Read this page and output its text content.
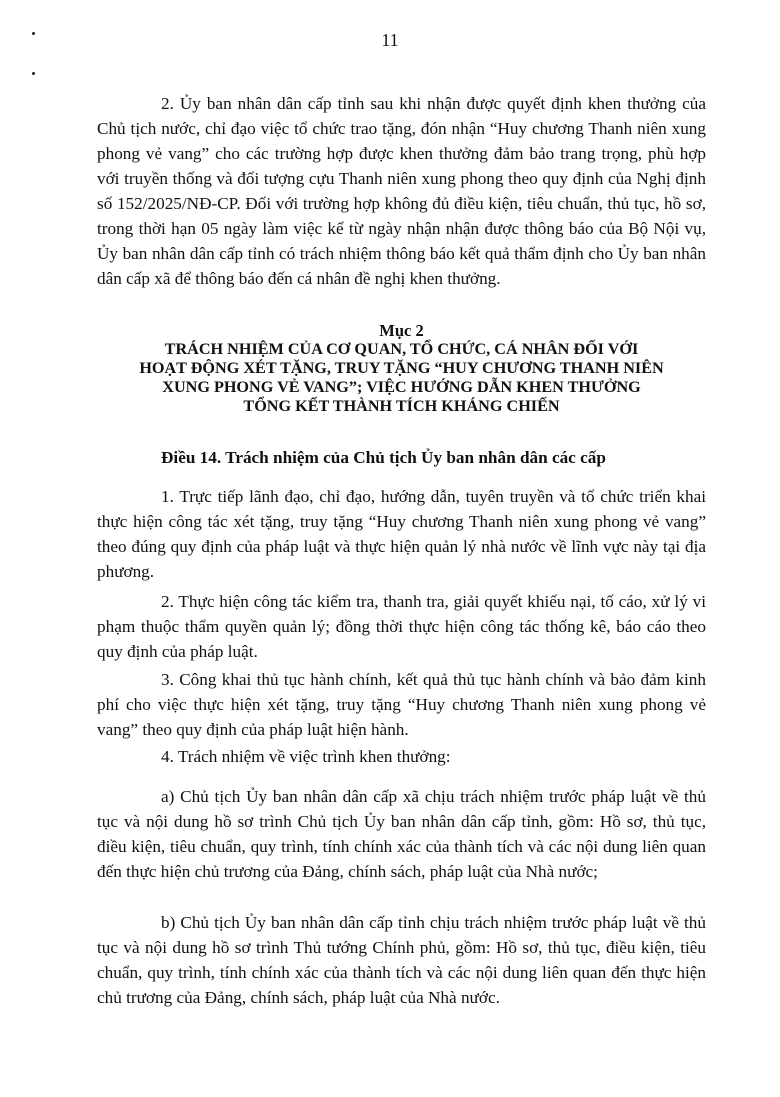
11

2. Ủy ban nhân dân cấp tỉnh sau khi nhận được quyết định khen thưởng của Chủ tịch nước, chỉ đạo việc tổ chức trao tặng, đón nhận “Huy chương Thanh niên xung phong vẻ vang” cho các trường hợp được khen thưởng đảm bảo trang trọng, phù hợp với truyền thống và đối tượng cựu Thanh niên xung phong theo quy định của Nghị định số 152/2025/NĐ-CP. Đối với trường hợp không đủ điều kiện, tiêu chuẩn, thủ tục, hồ sơ, trong thời hạn 05 ngày làm việc kể từ ngày nhận nhận được thông báo của Bộ Nội vụ, Ủy ban nhân dân cấp tỉnh có trách nhiệm thông báo kết quả thẩm định cho Ủy ban nhân dân cấp xã để thông báo đến cá nhân đề nghị khen thưởng.

Mục 2
TRÁCH NHIỆM CỦA CƠ QUAN, TỔ CHỨC, CÁ NHÂN ĐỐI VỚI
HOẠT ĐỘNG XÉT TẶNG, TRUY TẶNG “HUY CHƯƠNG THANH NIÊN
XUNG PHONG VẺ VANG”; VIỆC HƯỚNG DẪN KHEN THƯỞNG
TỔNG KẾT THÀNH TÍCH KHÁNG CHIẾN

Điều 14. Trách nhiệm của Chủ tịch Ủy ban nhân dân các cấp

1. Trực tiếp lãnh đạo, chỉ đạo, hướng dẫn, tuyên truyền và tổ chức triển khai thực hiện công tác xét tặng, truy tặng “Huy chương Thanh niên xung phong vẻ vang” theo đúng quy định của pháp luật và thực hiện quản lý nhà nước về lĩnh vực này tại địa phương.

2. Thực hiện công tác kiểm tra, thanh tra, giải quyết khiếu nại, tố cáo, xử lý vi phạm thuộc thẩm quyền quản lý; đồng thời thực hiện công tác thống kê, báo cáo theo quy định của pháp luật.

3. Công khai thủ tục hành chính, kết quả thủ tục hành chính và bảo đảm kinh phí cho việc thực hiện xét tặng, truy tặng “Huy chương Thanh niên xung phong vẻ vang” theo quy định của pháp luật hiện hành.

4. Trách nhiệm về việc trình khen thưởng:

a) Chủ tịch Ủy ban nhân dân cấp xã chịu trách nhiệm trước pháp luật về thủ tục và nội dung hồ sơ trình Chủ tịch Ủy ban nhân dân cấp tỉnh, gồm: Hồ sơ, thủ tục, điều kiện, tiêu chuẩn, quy trình, tính chính xác của thành tích và các nội dung liên quan đến thực hiện chủ trương của Đảng, chính sách, pháp luật của Nhà nước;

b) Chủ tịch Ủy ban nhân dân cấp tỉnh chịu trách nhiệm trước pháp luật về thủ tục và nội dung hồ sơ trình Thủ tướng Chính phủ, gồm: Hồ sơ, thủ tục, điều kiện, tiêu chuẩn, quy trình, tính chính xác của thành tích và các nội dung liên quan đến thực hiện chủ trương của Đảng, chính sách, pháp luật của Nhà nước.
